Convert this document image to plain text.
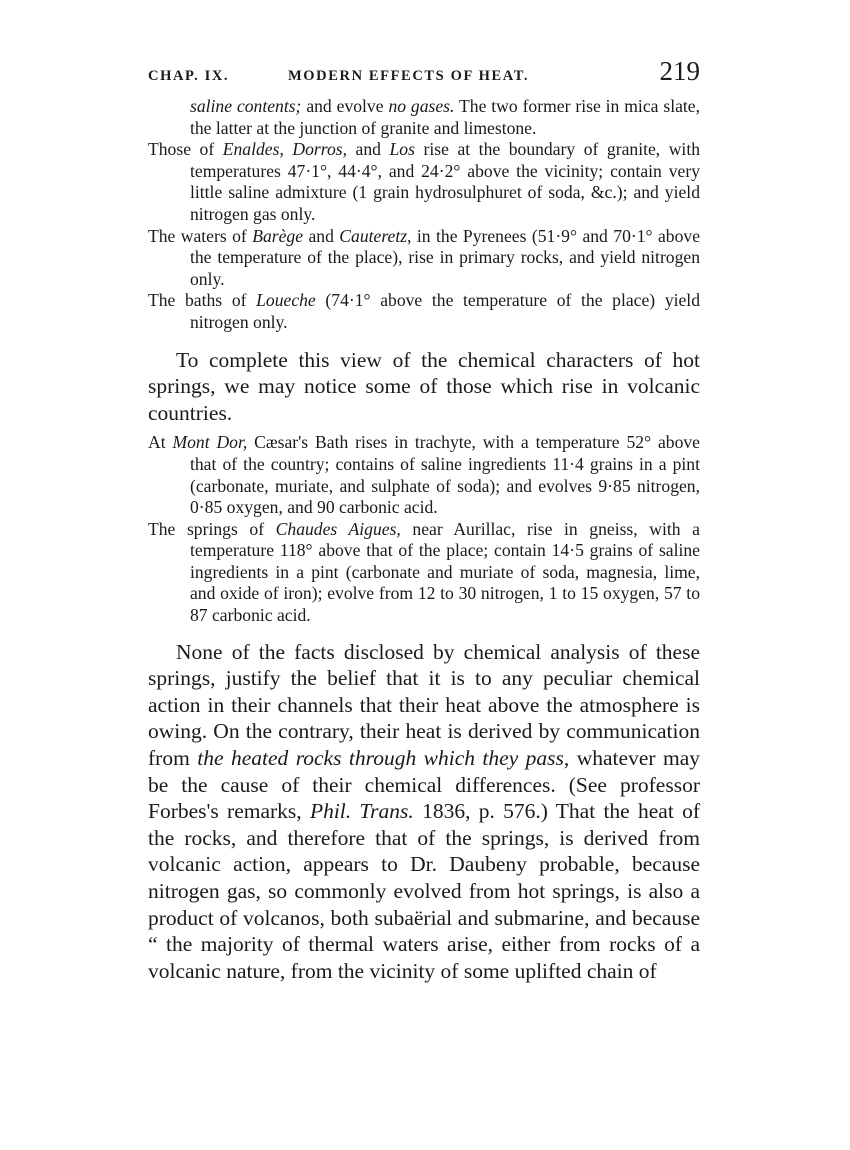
CHAP. IX.	MODERN EFFECTS OF HEAT.	219

saline contents; and evolve no gases. The two former rise in mica slate, the latter at the junction of granite and limestone.

Those of Enaldes, Dorros, and Los rise at the boundary of granite, with temperatures 47·1°, 44·4°, and 24·2° above the vicinity; contain very little saline admixture (1 grain hydrosulphuret of soda, &c.); and yield nitrogen gas only.

The waters of Barège and Cauteretz, in the Pyrenees (51·9° and 70·1° above the temperature of the place), rise in primary rocks, and yield nitrogen only.

The baths of Loueche (74·1° above the temperature of the place) yield nitrogen only.

To complete this view of the chemical characters of hot springs, we may notice some of those which rise in volcanic countries.

At Mont Dor, Cæsar's Bath rises in trachyte, with a temperature 52° above that of the country; contains of saline ingredients 11·4 grains in a pint (carbonate, muriate, and sulphate of soda); and evolves 9·85 nitrogen, 0·85 oxygen, and 90 carbonic acid.

The springs of Chaudes Aigues, near Aurillac, rise in gneiss, with a temperature 118° above that of the place; contain 14·5 grains of saline ingredients in a pint (carbonate and muriate of soda, magnesia, lime, and oxide of iron); evolve from 12 to 30 nitrogen, 1 to 15 oxygen, 57 to 87 carbonic acid.

None of the facts disclosed by chemical analysis of these springs, justify the belief that it is to any peculiar chemical action in their channels that their heat above the atmosphere is owing. On the contrary, their heat is derived by communication from the heated rocks through which they pass, whatever may be the cause of their chemical differences. (See professor Forbes's remarks, Phil. Trans. 1836, p. 576.) That the heat of the rocks, and therefore that of the springs, is derived from volcanic action, appears to Dr. Daubeny probable, because nitrogen gas, so commonly evolved from hot springs, is also a product of volcanos, both subaërial and submarine, and because “ the majority of thermal waters arise, either from rocks of a volcanic nature, from the vicinity of some uplifted chain of
